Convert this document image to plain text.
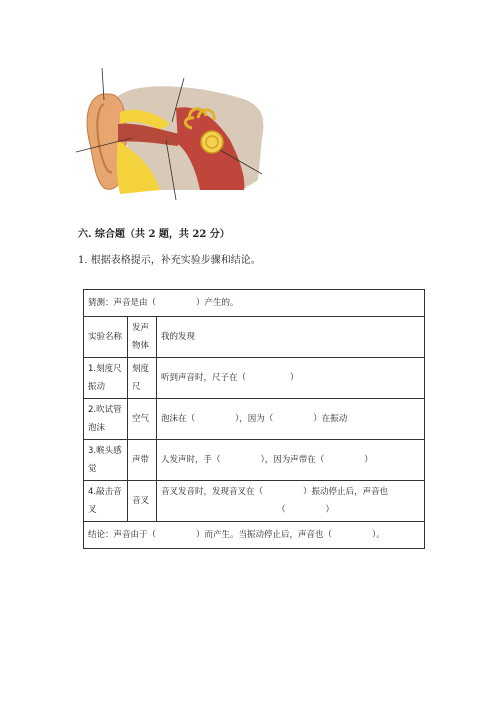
六. 综合题（共 2 题，共 22 分）
1. 根据表格提示，补充实验步骤和结论。
猜测：声音是由（ ）产生的。		
实验名称	发声物体	我的发现
1.刻度尺振动	刻度尺	听到声音时，尺子在（ ）
2.吹试管泡沫	空气	泡沫在（ ），因为（ ）在振动
3.喉头感觉	声带	人发声时，手（ ），因为声带在（ ）
4.敲击音叉	音叉	音叉发音时，发现音叉在（ ）振动停止后，声音也
（ ）

结论：声音由于（ ）而产生。当振动停止后，声音也（ ）。		
